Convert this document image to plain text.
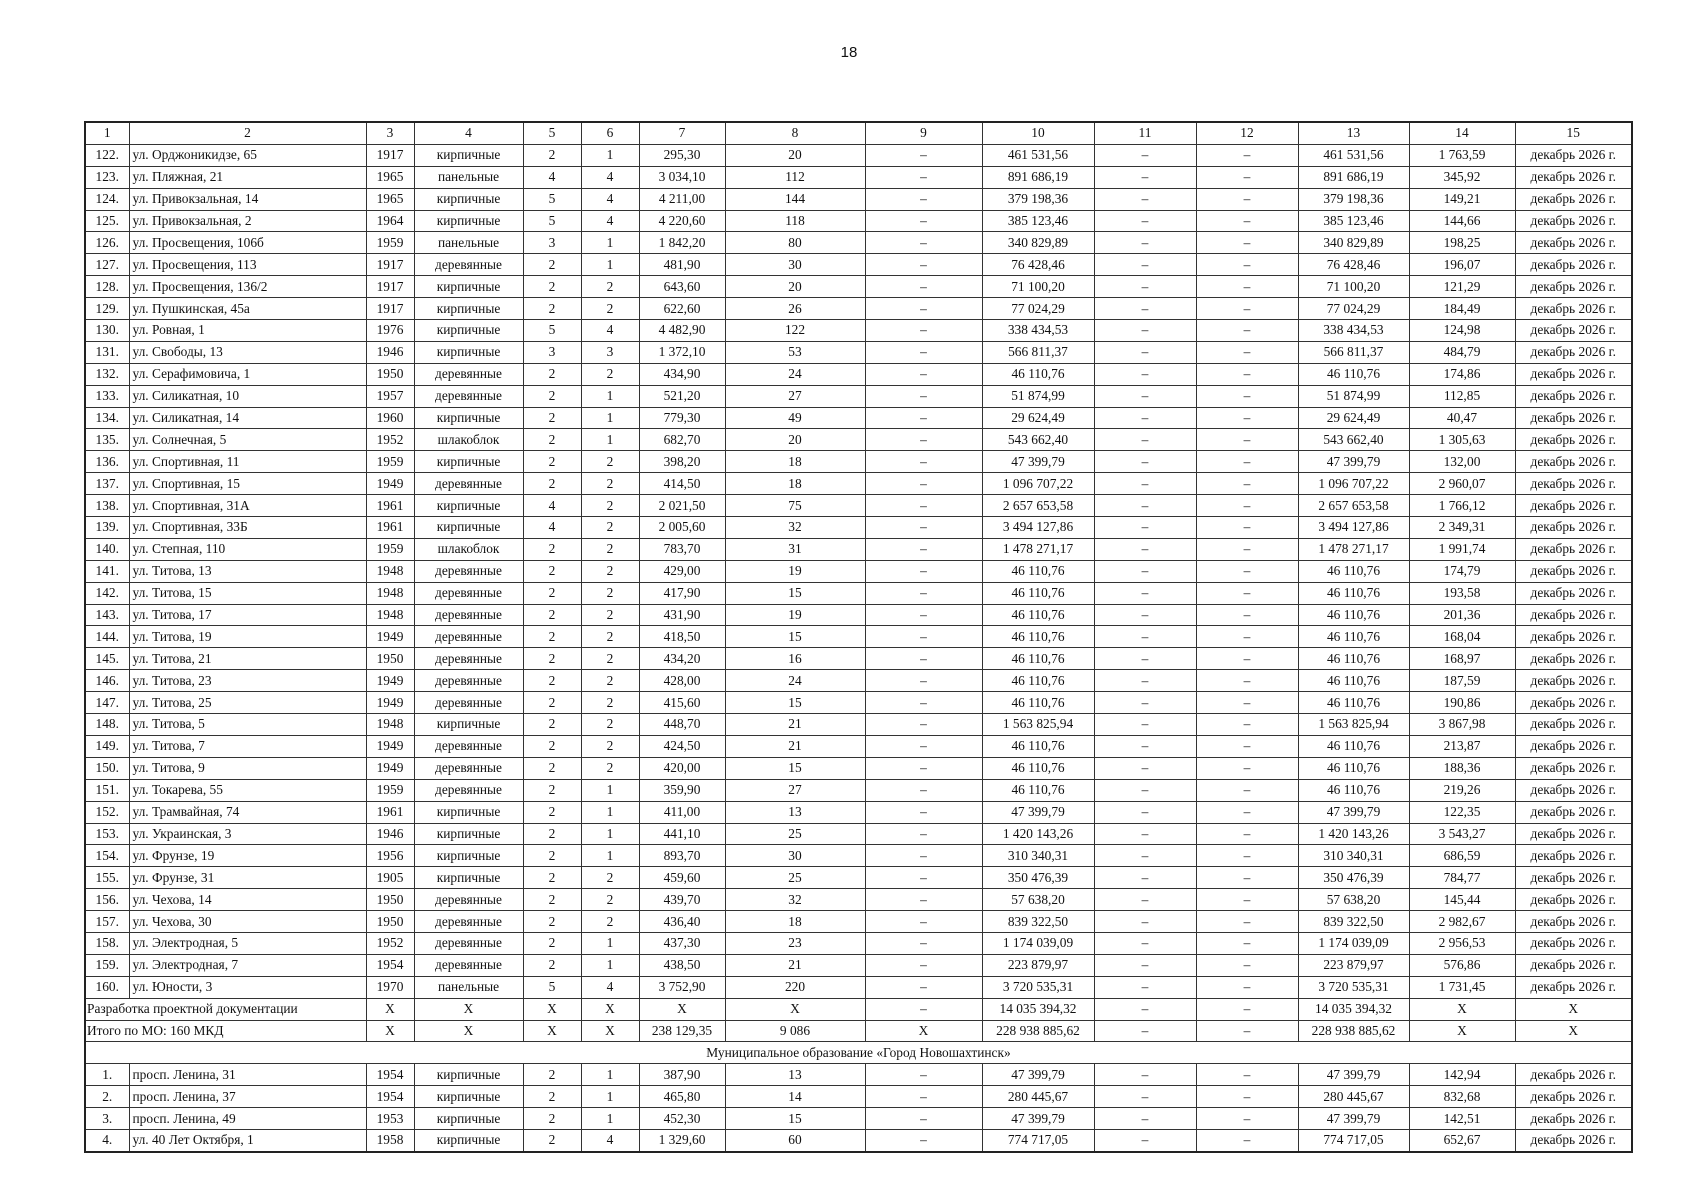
18
1	2	3	4	5	6	7	8	9	10	11	12	13	14	15
122.	ул. Орджоникидзе, 65	1917	кирпичные	2	1	295,30	20	–	461 531,56	–	–	461 531,56	1 763,59	декабрь 2026 г.
123.	ул. Пляжная, 21	1965	панельные	4	4	3 034,10	112	–	891 686,19	–	–	891 686,19	345,92	декабрь 2026 г.
124.	ул. Привокзальная, 14	1965	кирпичные	5	4	4 211,00	144	–	379 198,36	–	–	379 198,36	149,21	декабрь 2026 г.
125.	ул. Привокзальная, 2	1964	кирпичные	5	4	4 220,60	118	–	385 123,46	–	–	385 123,46	144,66	декабрь 2026 г.
126.	ул. Просвещения, 106б	1959	панельные	3	1	1 842,20	80	–	340 829,89	–	–	340 829,89	198,25	декабрь 2026 г.
127.	ул. Просвещения, 113	1917	деревянные	2	1	481,90	30	–	76 428,46	–	–	76 428,46	196,07	декабрь 2026 г.
128.	ул. Просвещения, 136/2	1917	кирпичные	2	2	643,60	20	–	71 100,20	–	–	71 100,20	121,29	декабрь 2026 г.
129.	ул. Пушкинская, 45а	1917	кирпичные	2	2	622,60	26	–	77 024,29	–	–	77 024,29	184,49	декабрь 2026 г.
130.	ул. Ровная, 1	1976	кирпичные	5	4	4 482,90	122	–	338 434,53	–	–	338 434,53	124,98	декабрь 2026 г.
131.	ул. Свободы, 13	1946	кирпичные	3	3	1 372,10	53	–	566 811,37	–	–	566 811,37	484,79	декабрь 2026 г.
132.	ул. Серафимовича, 1	1950	деревянные	2	2	434,90	24	–	46 110,76	–	–	46 110,76	174,86	декабрь 2026 г.
133.	ул. Силикатная, 10	1957	деревянные	2	1	521,20	27	–	51 874,99	–	–	51 874,99	112,85	декабрь 2026 г.
134.	ул. Силикатная, 14	1960	кирпичные	2	1	779,30	49	–	29 624,49	–	–	29 624,49	40,47	декабрь 2026 г.
135.	ул. Солнечная, 5	1952	шлакоблок	2	1	682,70	20	–	543 662,40	–	–	543 662,40	1 305,63	декабрь 2026 г.
136.	ул. Спортивная, 11	1959	кирпичные	2	2	398,20	18	–	47 399,79	–	–	47 399,79	132,00	декабрь 2026 г.
137.	ул. Спортивная, 15	1949	деревянные	2	2	414,50	18	–	1 096 707,22	–	–	1 096 707,22	2 960,07	декабрь 2026 г.
138.	ул. Спортивная, 31А	1961	кирпичные	4	2	2 021,50	75	–	2 657 653,58	–	–	2 657 653,58	1 766,12	декабрь 2026 г.
139.	ул. Спортивная, 33Б	1961	кирпичные	4	2	2 005,60	32	–	3 494 127,86	–	–	3 494 127,86	2 349,31	декабрь 2026 г.
140.	ул. Степная, 110	1959	шлакоблок	2	2	783,70	31	–	1 478 271,17	–	–	1 478 271,17	1 991,74	декабрь 2026 г.
141.	ул. Титова, 13	1948	деревянные	2	2	429,00	19	–	46 110,76	–	–	46 110,76	174,79	декабрь 2026 г.
142.	ул. Титова, 15	1948	деревянные	2	2	417,90	15	–	46 110,76	–	–	46 110,76	193,58	декабрь 2026 г.
143.	ул. Титова, 17	1948	деревянные	2	2	431,90	19	–	46 110,76	–	–	46 110,76	201,36	декабрь 2026 г.
144.	ул. Титова, 19	1949	деревянные	2	2	418,50	15	–	46 110,76	–	–	46 110,76	168,04	декабрь 2026 г.
145.	ул. Титова, 21	1950	деревянные	2	2	434,20	16	–	46 110,76	–	–	46 110,76	168,97	декабрь 2026 г.
146.	ул. Титова, 23	1949	деревянные	2	2	428,00	24	–	46 110,76	–	–	46 110,76	187,59	декабрь 2026 г.
147.	ул. Титова, 25	1949	деревянные	2	2	415,60	15	–	46 110,76	–	–	46 110,76	190,86	декабрь 2026 г.
148.	ул. Титова, 5	1948	кирпичные	2	2	448,70	21	–	1 563 825,94	–	–	1 563 825,94	3 867,98	декабрь 2026 г.
149.	ул. Титова, 7	1949	деревянные	2	2	424,50	21	–	46 110,76	–	–	46 110,76	213,87	декабрь 2026 г.
150.	ул. Титова, 9	1949	деревянные	2	2	420,00	15	–	46 110,76	–	–	46 110,76	188,36	декабрь 2026 г.
151.	ул. Токарева, 55	1959	деревянные	2	1	359,90	27	–	46 110,76	–	–	46 110,76	219,26	декабрь 2026 г.
152.	ул. Трамвайная, 74	1961	кирпичные	2	1	411,00	13	–	47 399,79	–	–	47 399,79	122,35	декабрь 2026 г.
153.	ул. Украинская, 3	1946	кирпичные	2	1	441,10	25	–	1 420 143,26	–	–	1 420 143,26	3 543,27	декабрь 2026 г.
154.	ул. Фрунзе, 19	1956	кирпичные	2	1	893,70	30	–	310 340,31	–	–	310 340,31	686,59	декабрь 2026 г.
155.	ул. Фрунзе, 31	1905	кирпичные	2	2	459,60	25	–	350 476,39	–	–	350 476,39	784,77	декабрь 2026 г.
156.	ул. Чехова, 14	1950	деревянные	2	2	439,70	32	–	57 638,20	–	–	57 638,20	145,44	декабрь 2026 г.
157.	ул. Чехова, 30	1950	деревянные	2	2	436,40	18	–	839 322,50	–	–	839 322,50	2 982,67	декабрь 2026 г.
158.	ул. Электродная, 5	1952	деревянные	2	1	437,30	23	–	1 174 039,09	–	–	1 174 039,09	2 956,53	декабрь 2026 г.
159.	ул. Электродная, 7	1954	деревянные	2	1	438,50	21	–	223 879,97	–	–	223 879,97	576,86	декабрь 2026 г.
160.	ул. Юности, 3	1970	панельные	5	4	3 752,90	220	–	3 720 535,31	–	–	3 720 535,31	1 731,45	декабрь 2026 г.
Разработка проектной документации		X	X	X	X	X	X	–	14 035 394,32	–	–	14 035 394,32	X	X
Итого по МО: 160 МКД		X	X	X	X	238 129,35	9 086	X	228 938 885,62	–	–	228 938 885,62	X	X
Муниципальное образование «Город Новошахтинск»														
1.	просп. Ленина, 31	1954	кирпичные	2	1	387,90	13	–	47 399,79	–	–	47 399,79	142,94	декабрь 2026 г.
2.	просп. Ленина, 37	1954	кирпичные	2	1	465,80	14	–	280 445,67	–	–	280 445,67	832,68	декабрь 2026 г.
3.	просп. Ленина, 49	1953	кирпичные	2	1	452,30	15	–	47 399,79	–	–	47 399,79	142,51	декабрь 2026 г.
4.	ул. 40 Лет Октября, 1	1958	кирпичные	2	4	1 329,60	60	–	774 717,05	–	–	774 717,05	652,67	декабрь 2026 г.
